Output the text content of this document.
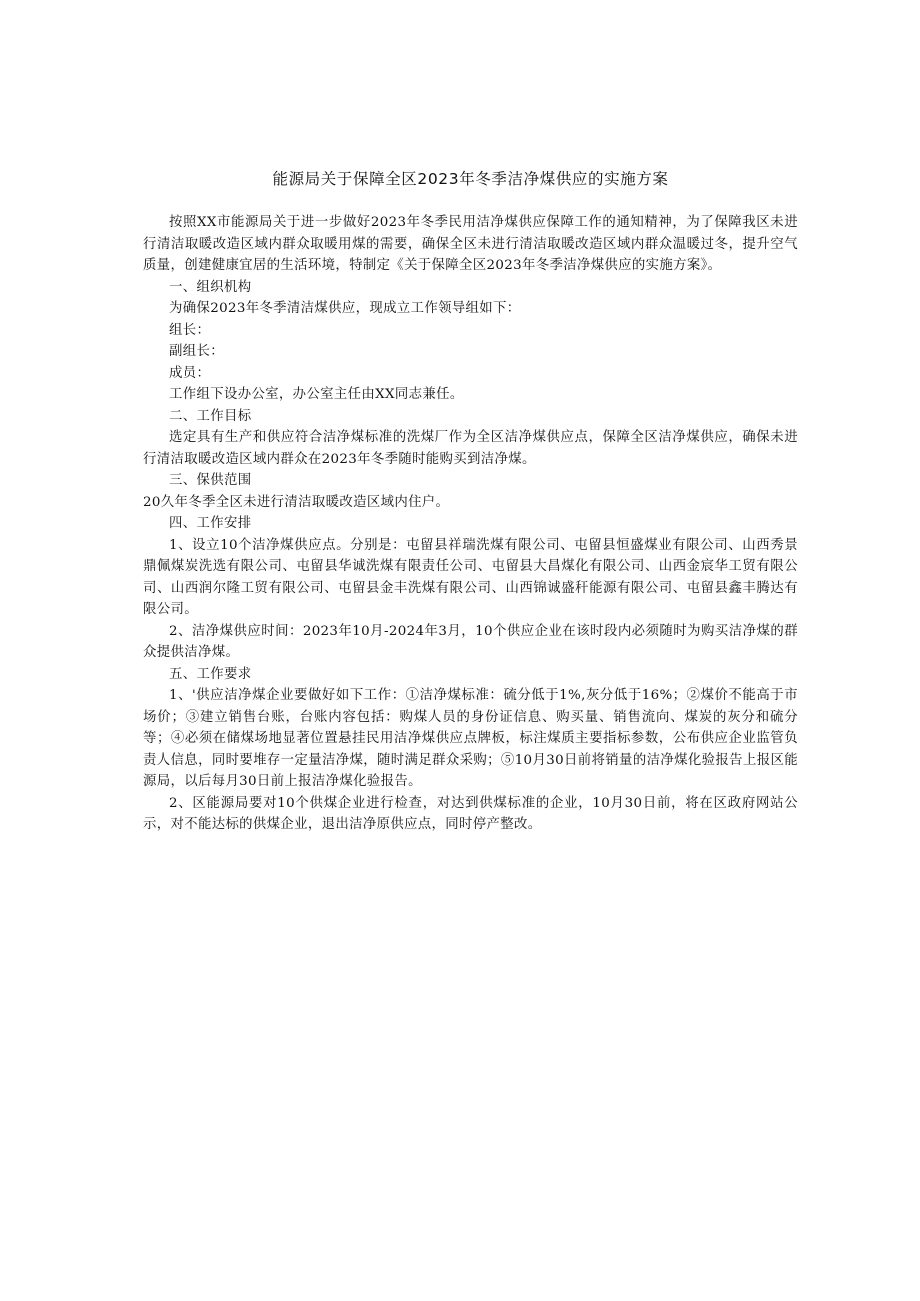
能源局关于保障全区2023年冬季洁净煤供应的实施方案

按照XX市能源局关于进一步做好2023年冬季民用洁净煤供应保障工作的通知精神，为了保障我区未进行清洁取暖改造区域内群众取暖用煤的需要，确保全区未进行清洁取暖改造区域内群众温暖过冬，提升空气质量，创建健康宜居的生活环境，特制定《关于保障全区2023年冬季洁净煤供应的实施方案》。

一、组织机构

为确保2023年冬季清洁煤供应，现成立工作领导组如下：

组长：

副组长：

成员：

工作组下设办公室，办公室主任由XX同志兼任。

二、工作目标

选定具有生产和供应符合洁净煤标准的洗煤厂作为全区洁净煤供应点，保障全区洁净煤供应，确保未进行清洁取暖改造区域内群众在2023年冬季随时能购买到洁净煤。

三、保供范围

20久年冬季全区未进行清洁取暖改造区域内住户。

四、工作安排

1、设立10个洁净煤供应点。分别是：屯留县祥瑞洗煤有限公司、屯留县恒盛煤业有限公司、山西秀景鼎佩煤炭洗选有限公司、屯留县华诚洗煤有限责任公司、屯留县大昌煤化有限公司、山西金宸华工贸有限公司、山西润尔隆工贸有限公司、屯留县金丰洗煤有限公司、山西锦诚盛秆能源有限公司、屯留县鑫丰腾达有限公司。

2、洁净煤供应时间：2023年10月-2024年3月，10个供应企业在该时段内必须随时为购买洁净煤的群众提供洁净煤。

五、工作要求

1、'供应洁净煤企业要做好如下工作：①洁净煤标准：硫分低于1%,灰分低于16%；②煤价不能高于市场价；③建立销售台账，台账内容包括：购煤人员的身份证信息、购买量、销售流向、煤炭的灰分和硫分等；④必须在储煤场地显著位置悬挂民用洁净煤供应点牌板，标注煤质主要指标参数，公布供应企业监管负责人信息，同时要堆存一定量洁净煤，随时满足群众采购；⑤10月30日前将销量的洁净煤化验报告上报区能源局，以后每月30日前上报洁净煤化验报告。

2、区能源局要对10个供煤企业进行检查，对达到供煤标准的企业，10月30日前，将在区政府网站公示，对不能达标的供煤企业，退出洁净原供应点，同时停产整改。
